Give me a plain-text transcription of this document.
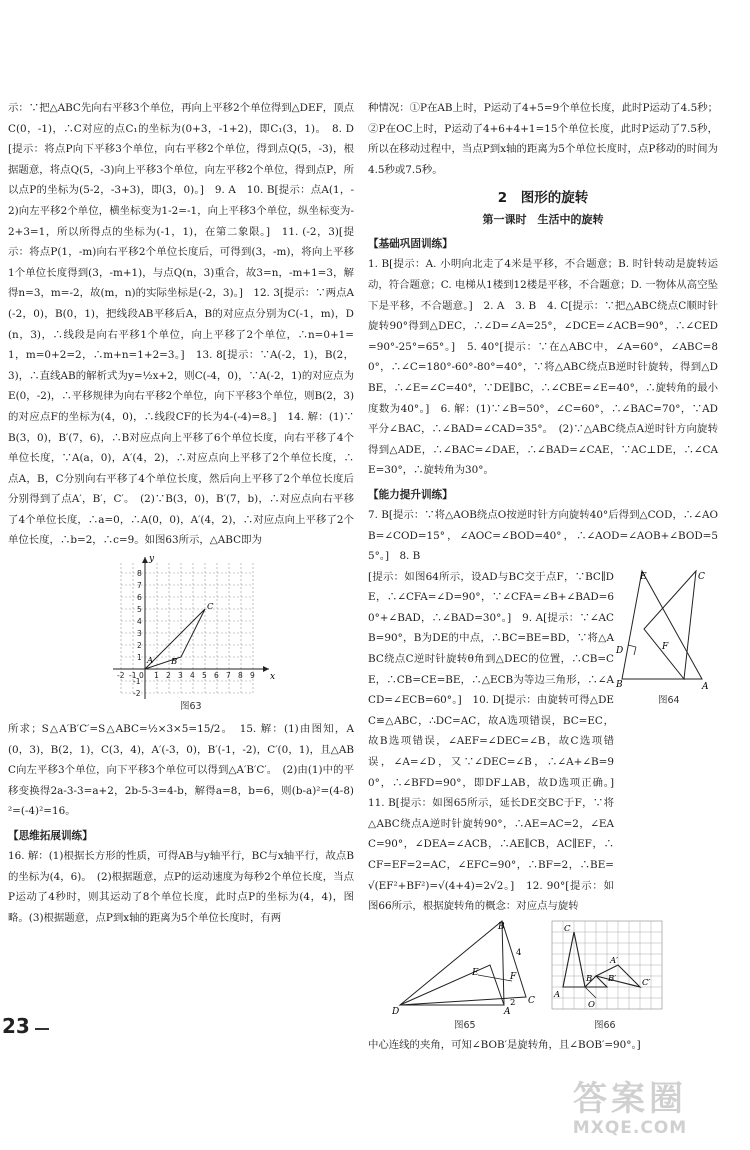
示：∵把△ABC先向右平移3个单位，再向上平移2个单位得到△DEF，顶点C(0，-1)，∴C对应的点C₁的坐标为(0+3，-1+2)，即C₁(3，1)。　8. D[提示：将点P向下平移3个单位，向右平移2个单位，得到点Q(5，-3)，根据题意，将点Q(5，-3)向上平移3个单位，向左平移2个单位，得到点P，所以点P的坐标为(5-2，-3+3)，即(3，0)。]　9. A　10. B[提示：点A(1，-2)向左平移2个单位，横坐标变为1-2=-1，向上平移3个单位，纵坐标变为-2+3=1，所以所得点的坐标为(-1，1)，在第二象限。]　11. (-2，3)[提示：将点P(1，-m)向右平移2个单位长度后，可得到(3，-m)，将向上平移1个单位长度得到(3，-m+1)，与点Q(n，3)重合，故3=n，-m+1=3，解得n=3，m=-2，故(m，n)的实际坐标是(-2，3)。]　12. 3[提示：∵两点A(-2，0)，B(0，1)，把线段AB平移后A，B的对应点分别为C(-1，m)，D(n，3)，∴线段是向右平移1个单位，向上平移了2个单位，∴n=0+1=1，m=0+2=2，∴m+n=1+2=3。]　13. 8[提示：∵A(-2，1)，B(2，3)，∴直线AB的解析式为y=½x+2，则C(-4，0)，∵A(-2，1)的对应点为E(0，-2)，∴平移规律为向右平移2个单位，向下平移3个单位，则B(2，3)的对应点F的坐标为(4，0)，∴线段CF的长为4-(-4)=8。]　14. 解：(1)∵B(3，0)，B′(7，6)，∴B对应点向上平移了6个单位长度，向右平移了4个单位长度，∵A(a，0)，A′(4，2)，∴对应点向上平移了2个单位长度，∴点A，B，C分别向右平移了4个单位长度，然后向上平移了2个单位长度后分别得到了点A′，B′，C′。　(2)∵B(3，0)，B′(7，b)，∴对应点向右平移了4个单位长度，∴a=0，∴A(0，0)，A′(4，2)，∴对应点向上平移了2个单位长度，∴b=2，∴c=9。如图63所示，△ABC即为

y
x
-2 -1 0 1 2 3 4 5 6 7 8 9
1
2
3
4
5
6
7
8
-1
-2
A B
C
图63

所求；S△A′B′C′=S△ABC=½×3×5=15/2。　15. 解：(1)由图知，A(0，3)，B(2，1)，C(3，4)，A′(-3，0)，B′(-1，-2)，C′(0，1)，且△ABC向左平移3个单位，向下平移3个单位可以得到△A′B′C′。　(2)由(1)中的平移变换得2a-3-3=a+2，2b-5-3=4-b，解得a=8，b=6，则(b-a)²=(4-8)²=(-4)²=16。

【思维拓展训练】

16. 解：(1)根据长方形的性质，可得AB与y轴平行，BC与x轴平行，故点B的坐标为(4，6)。　(2)根据题意，点P的运动速度为每秒2个单位长度，当点P运动了4秒时，则其运动了8个单位长度，此时点P的坐标为(4，4)，图略。(3)根据题意，点P到x轴的距离为5个单位长度时，有两

种情况：①P在AB上时，P运动了4+5=9个单位长度，此时P运动了4.5秒；②P在OC上时，P运动了4+6+4+1=15个单位长度，此时P运动了7.5秒，所以在移动过程中，当点P到x轴的距离为5个单位长度时，点P移动的时间为4.5秒或7.5秒。

2　图形的旋转
第一课时　生活中的旋转
【基础巩固训练】

1. B[提示：A. 小明向北走了4米是平移，不合题意；B. 时针转动是旋转运动，符合题意；C. 电梯从1楼到12楼是平移，不合题意；D. 一物体从高空坠下是平移，不合题意。]　2. A　3. B　4. C[提示：∵把△ABC绕点C顺时针旋转90°得到△DEC，∴∠D=∠A=25°，∠DCE=∠ACB=90°，∴∠CED=90°-25°=65°。]　5. 40°[提示：∵在△ABC中，∠A=60°，∠ABC=80°，∴∠C=180°-60°-80°=40°，∵将△ABC绕点B逆时针旋转，得到△DBE，∴∠E=∠C=40°，∵DE∥BC，∴∠CBE=∠E=40°，∴旋转角的最小度数为40°。]　6. 解：(1)∵∠B=50°，∠C=60°，∴∠BAC=70°，∵AD平分∠BAC，∴∠BAD=∠CAD=35°。　(2)∵△ABC绕点A逆时针方向旋转得到△ADE，∴∠BAC=∠DAE，∴∠BAD=∠CAE，∵AC⊥DE，∴∠CAE=30°，∴旋转角为30°。

【能力提升训练】

7. B[提示：∵将△AOB绕点O按逆时针方向旋转40°后得到△COD，∴∠AOB=∠COD=15°，∠AOC=∠BOD=40°，∴∠AOD=∠AOB+∠BOD=55°。]　8. B

[提示：如图64所示，设AD与BC交于点F，∵BC∥DE，∴∠CFA=∠D=90°，∵∠CFA=∠B+∠BAD=60°+∠BAD，∴∠BAD=30°。]　9. A[提示：∵∠ACB=90°，B为DE的中点，∴BC=BE=BD，∵将△ABC绕点C逆时针旋转θ角到△DEC的位置，∴CB=CE，∴CB=CE=BE，∴△ECB为等边三角形，∴∠ACD=∠ECB=60°。]　10. D[提示：由旋转可得△DEC≌△ABC，∴DC=AC，故A选项错误，BC=EC，故B选项错误，∠AEF=∠DEC=∠B，故C选项错误，∠A=∠D，又∵∠DEC=∠B，∴∠A+∠B=90°，∴∠BFD=90°，即DF⊥AB，故D选项正确。]　11. B[提示：如图65所示，延长DE交BC于F，∵将△ABC绕点A逆时针旋转90°，∴AE=AC=2，∠EAC=90°，∠DEA=∠ACB，∴AE∥CB，AC∥EF，∴CF=EF=2=AC，∠EFC=90°，∴BF=2，∴BE=√(EF²+BF²)=√(4+4)=2√2。]　12. 90°[提示：如图66所示，根据旋转角的概念：对应点与旋转

E	C
F
D
B	A
图64
B
E	F
C
A
D
4
2
图65
C
A′
B B′
A
O
C′
图66

中心连线的夹角，可知∠BOB′是旋转角，且∠BOB′=90°。]

23
答案圈
MXQE.COM
